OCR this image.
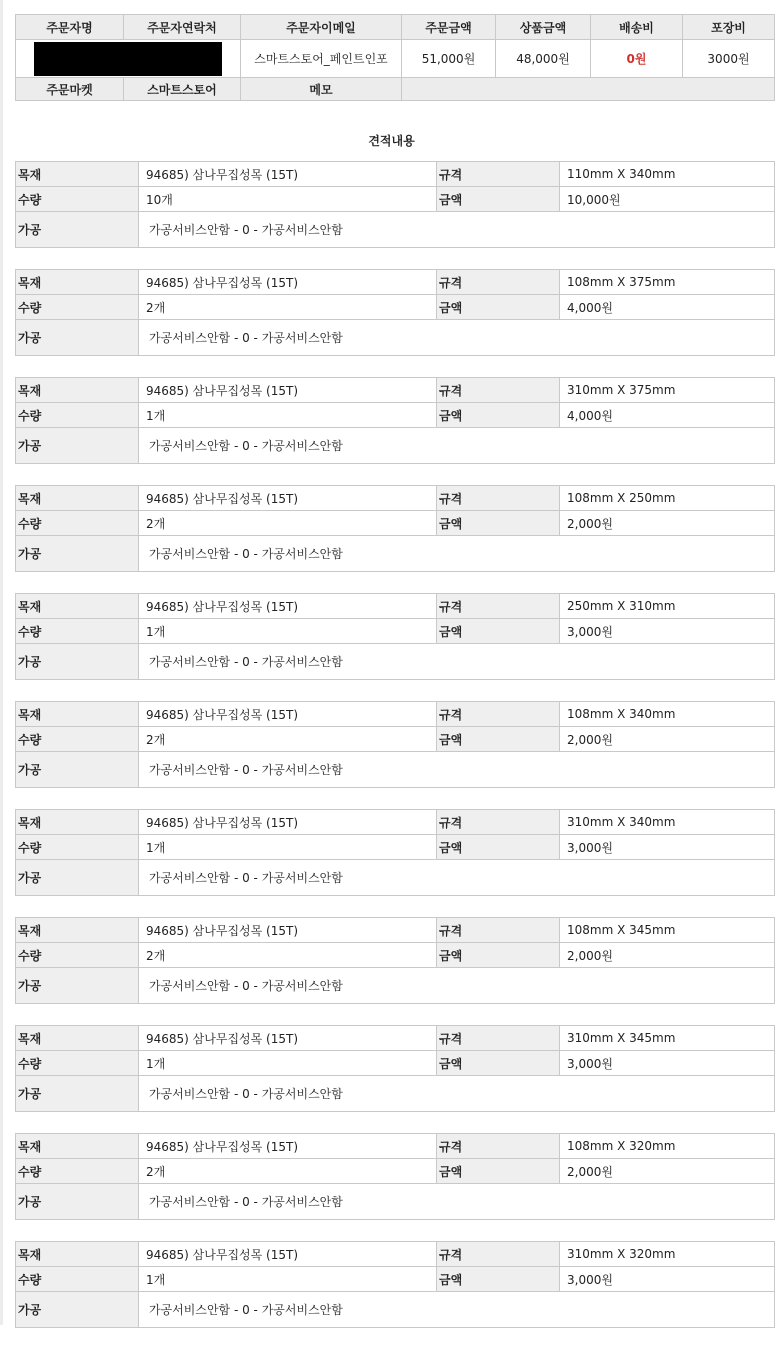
주문자명	주문자연락처	주문자이메일	주문금액	상품금액	배송비	포장비
		스마트스토어_페인트인포	51,000원	48,000원	0원	3000원
주문마켓	스마트스토어	메모				
견적내용
목재	94685) 삼나무집성목 (15T)	규격	110mm X 340mm
수량	10개	금액	10,000원
가공	가공서비스안함 - 0 - 가공서비스안함		
목재	94685) 삼나무집성목 (15T)	규격	108mm X 375mm
수량	2개	금액	4,000원
가공	가공서비스안함 - 0 - 가공서비스안함		
목재	94685) 삼나무집성목 (15T)	규격	310mm X 375mm
수량	1개	금액	4,000원
가공	가공서비스안함 - 0 - 가공서비스안함		
목재	94685) 삼나무집성목 (15T)	규격	108mm X 250mm
수량	2개	금액	2,000원
가공	가공서비스안함 - 0 - 가공서비스안함		
목재	94685) 삼나무집성목 (15T)	규격	250mm X 310mm
수량	1개	금액	3,000원
가공	가공서비스안함 - 0 - 가공서비스안함		
목재	94685) 삼나무집성목 (15T)	규격	108mm X 340mm
수량	2개	금액	2,000원
가공	가공서비스안함 - 0 - 가공서비스안함		
목재	94685) 삼나무집성목 (15T)	규격	310mm X 340mm
수량	1개	금액	3,000원
가공	가공서비스안함 - 0 - 가공서비스안함		
목재	94685) 삼나무집성목 (15T)	규격	108mm X 345mm
수량	2개	금액	2,000원
가공	가공서비스안함 - 0 - 가공서비스안함		
목재	94685) 삼나무집성목 (15T)	규격	310mm X 345mm
수량	1개	금액	3,000원
가공	가공서비스안함 - 0 - 가공서비스안함		
목재	94685) 삼나무집성목 (15T)	규격	108mm X 320mm
수량	2개	금액	2,000원
가공	가공서비스안함 - 0 - 가공서비스안함		
목재	94685) 삼나무집성목 (15T)	규격	310mm X 320mm
수량	1개	금액	3,000원
가공	가공서비스안함 - 0 - 가공서비스안함		
